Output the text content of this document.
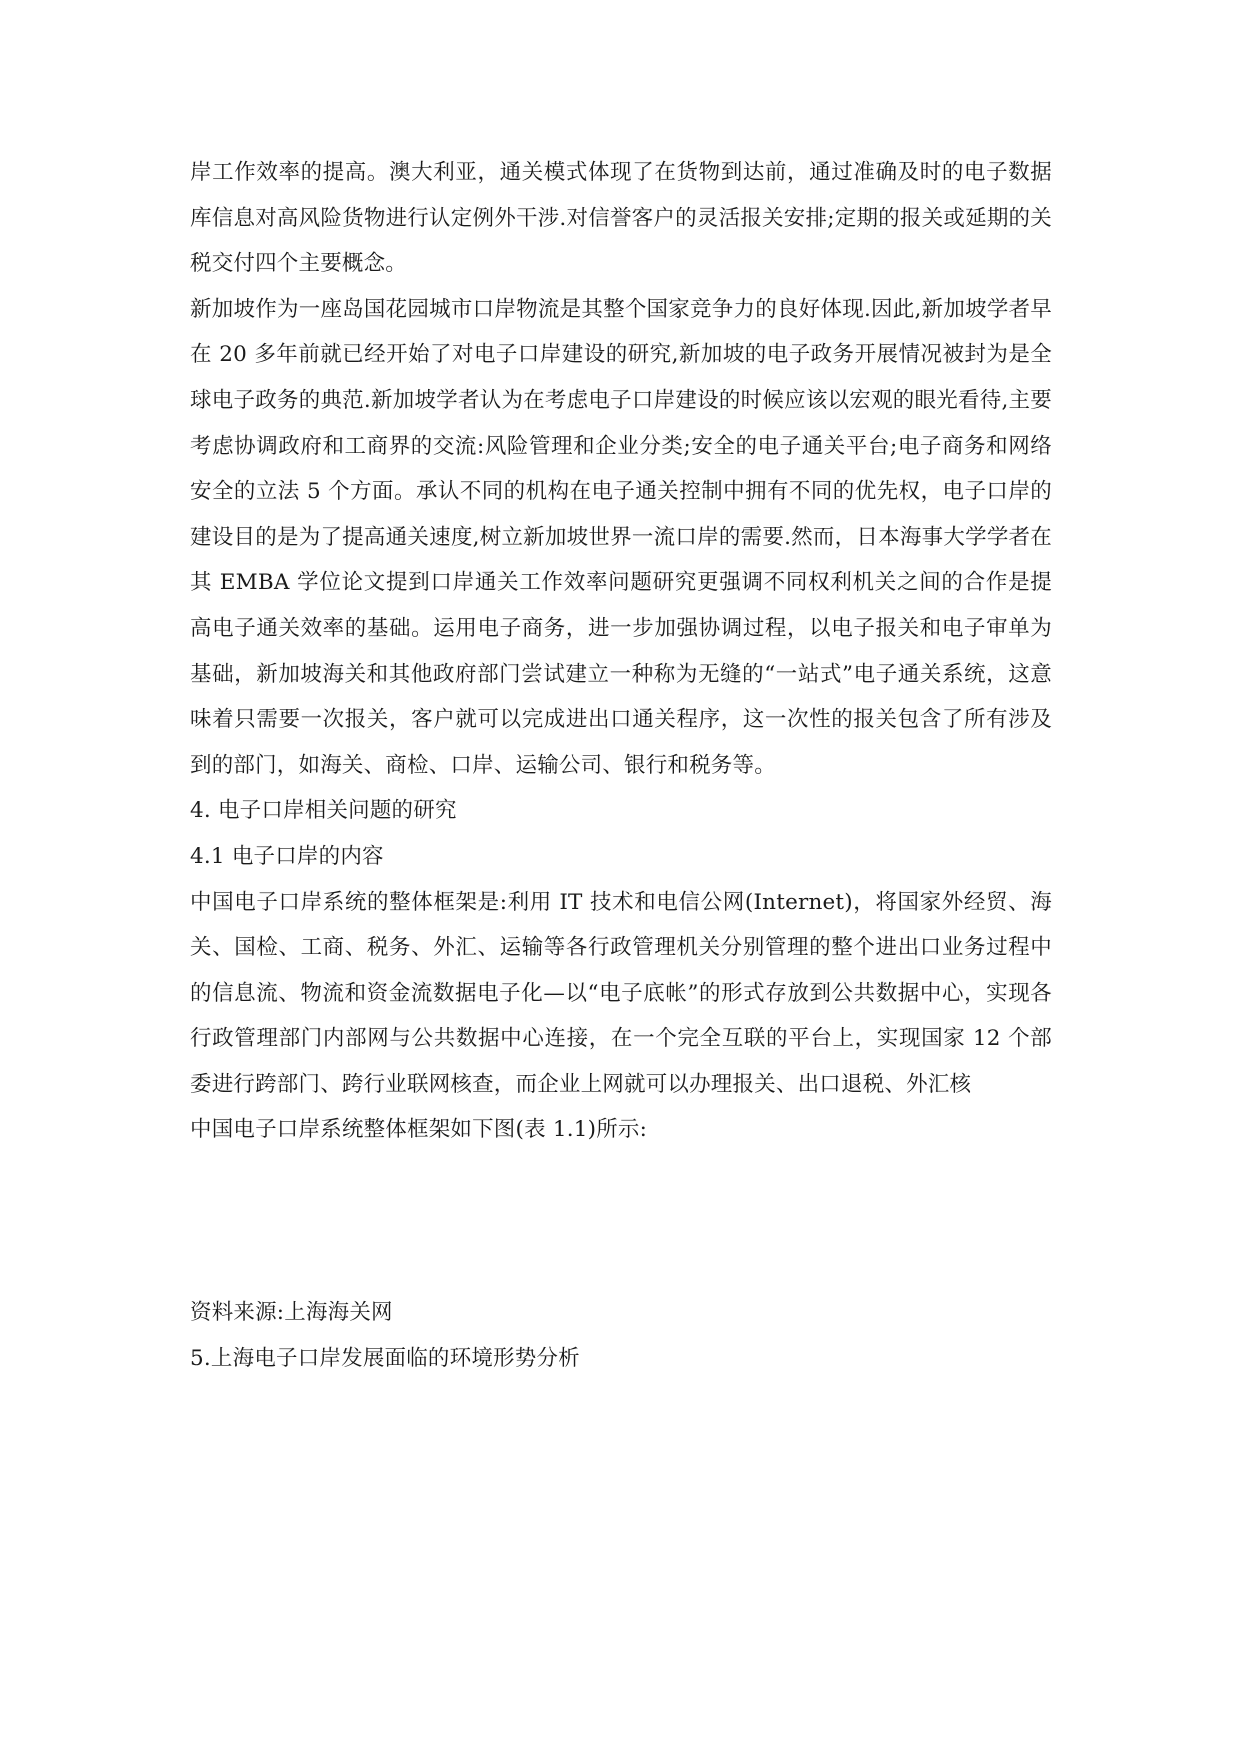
岸工作效率的提高。澳大利亚，通关模式体现了在货物到达前，通过准确及时的电子数据库信息对高风险货物进行认定例外干涉.对信誉客户的灵活报关安排;定期的报关或延期的关税交付四个主要概念。

新加坡作为一座岛国花园城市口岸物流是其整个国家竞争力的良好体现.因此,新加坡学者早在 20 多年前就已经开始了对电子口岸建设的研究,新加坡的电子政务开展情况被封为是全球电子政务的典范.新加坡学者认为在考虑电子口岸建设的时候应该以宏观的眼光看待,主要考虑协调政府和工商界的交流:风险管理和企业分类;安全的电子通关平台;电子商务和网络安全的立法 5 个方面。承认不同的机构在电子通关控制中拥有不同的优先权，电子口岸的建设目的是为了提高通关速度,树立新加坡世界一流口岸的需要.然而，日本海事大学学者在其 EMBA 学位论文提到口岸通关工作效率问题研究更强调不同权利机关之间的合作是提高电子通关效率的基础。运用电子商务，进一步加强协调过程，以电子报关和电子审单为基础，新加坡海关和其他政府部门尝试建立一种称为无缝的“一站式”电子通关系统，这意味着只需要一次报关，客户就可以完成进出口通关程序，这一次性的报关包含了所有涉及到的部门，如海关、商检、口岸、运输公司、银行和税务等。

4. 电子口岸相关问题的研究

4.1 电子口岸的内容

中国电子口岸系统的整体框架是:利用 IT 技术和电信公网(Internet)，将国家外经贸、海关、国检、工商、税务、外汇、运输等各行政管理机关分别管理的整个进出口业务过程中的信息流、物流和资金流数据电子化—以“电子底帐”的形式存放到公共数据中心，实现各行政管理部门内部网与公共数据中心连接，在一个完全互联的平台上，实现国家 12 个部委进行跨部门、跨行业联网核查，而企业上网就可以办理报关、出口退税、外汇核

中国电子口岸系统整体框架如下图(表 1.1)所示:

资料来源:上海海关网

5.上海电子口岸发展面临的环境形势分析
